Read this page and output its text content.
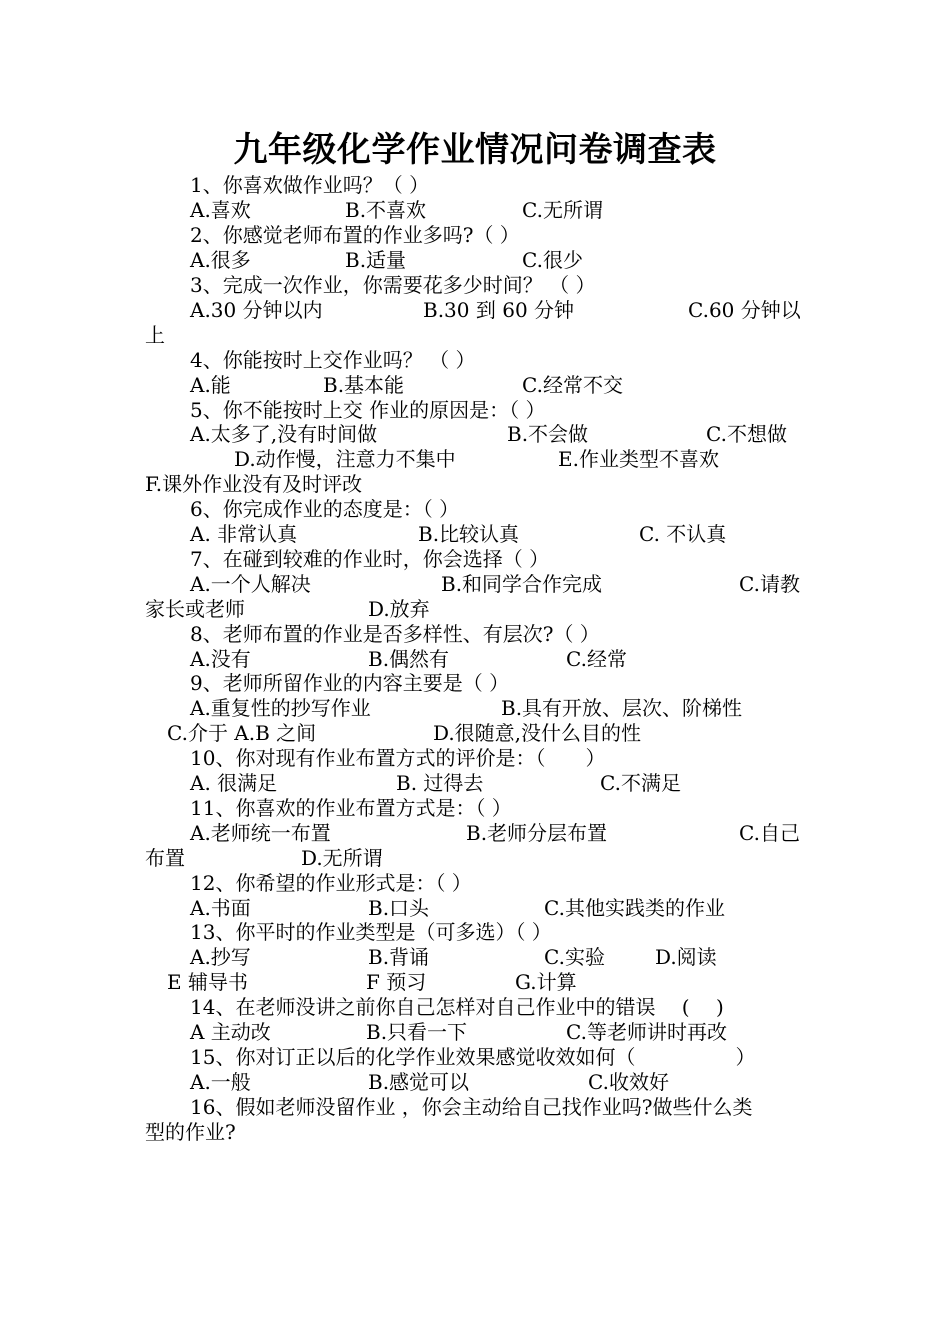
九年级化学作业情况问卷调查表
1、你喜欢做作业吗？（ ）
A.喜欢	B.不喜欢	C.无所谓
2、你感觉老师布置的作业多吗?（ ）
A.很多	B.适量	C.很少
3、完成一次作业，你需要花多少时间？ （ ）
A.30 分钟以内	B.30 到 60 分钟	C.60 分钟以
上
4、你能按时上交作业吗？ （ ）
A.能	B.基本能	C.经常不交
5、你不能按时上交 作业的原因是：（ ）
A.太多了,没有时间做	B.不会做	C.不想做
D.动作慢，注意力不集中	E.作业类型不喜欢
F.课外作业没有及时评改
6、你完成作业的态度是：（ ）
A. 非常认真	B.比较认真	C. 不认真
7、在碰到较难的作业时，你会选择（ ）
A.一个人解决	B.和同学合作完成	C.请教
家长或老师	D.放弃
8、老师布置的作业是否多样性、有层次?（ ）
A.没有	B.偶然有	C.经常
9、老师所留作业的内容主要是（ ）
A.重复性的抄写作业	B.具有开放、层次、阶梯性
C.介于 A.B 之间	D.很随意,没什么目的性
10、你对现有作业布置方式的评价是：（　　）
A. 很满足	B. 过得去	C.不满足
11、你喜欢的作业布置方式是：（ ）
A.老师统一布置	B.老师分层布置	C.自己
布置	D.无所谓
12、你希望的作业形式是：（ ）
A.书面	B.口头	C.其他实践类的作业
13、你平时的作业类型是（可多选）（ ）
A.抄写	B.背诵	C.实验	D.阅读
E 辅导书	F 预习	G.计算
14、在老师没讲之前你自己怎样对自己作业中的错误 　( 　)
A 主动改	B.只看一下	C.等老师讲时再改
15、你对订正以后的化学作业效果感觉收效如何（　　　　　）
A.一般	B.感觉可以	C.收效好
16、假如老师没留作业 ，你会主动给自己找作业吗?做些什么类
型的作业?
